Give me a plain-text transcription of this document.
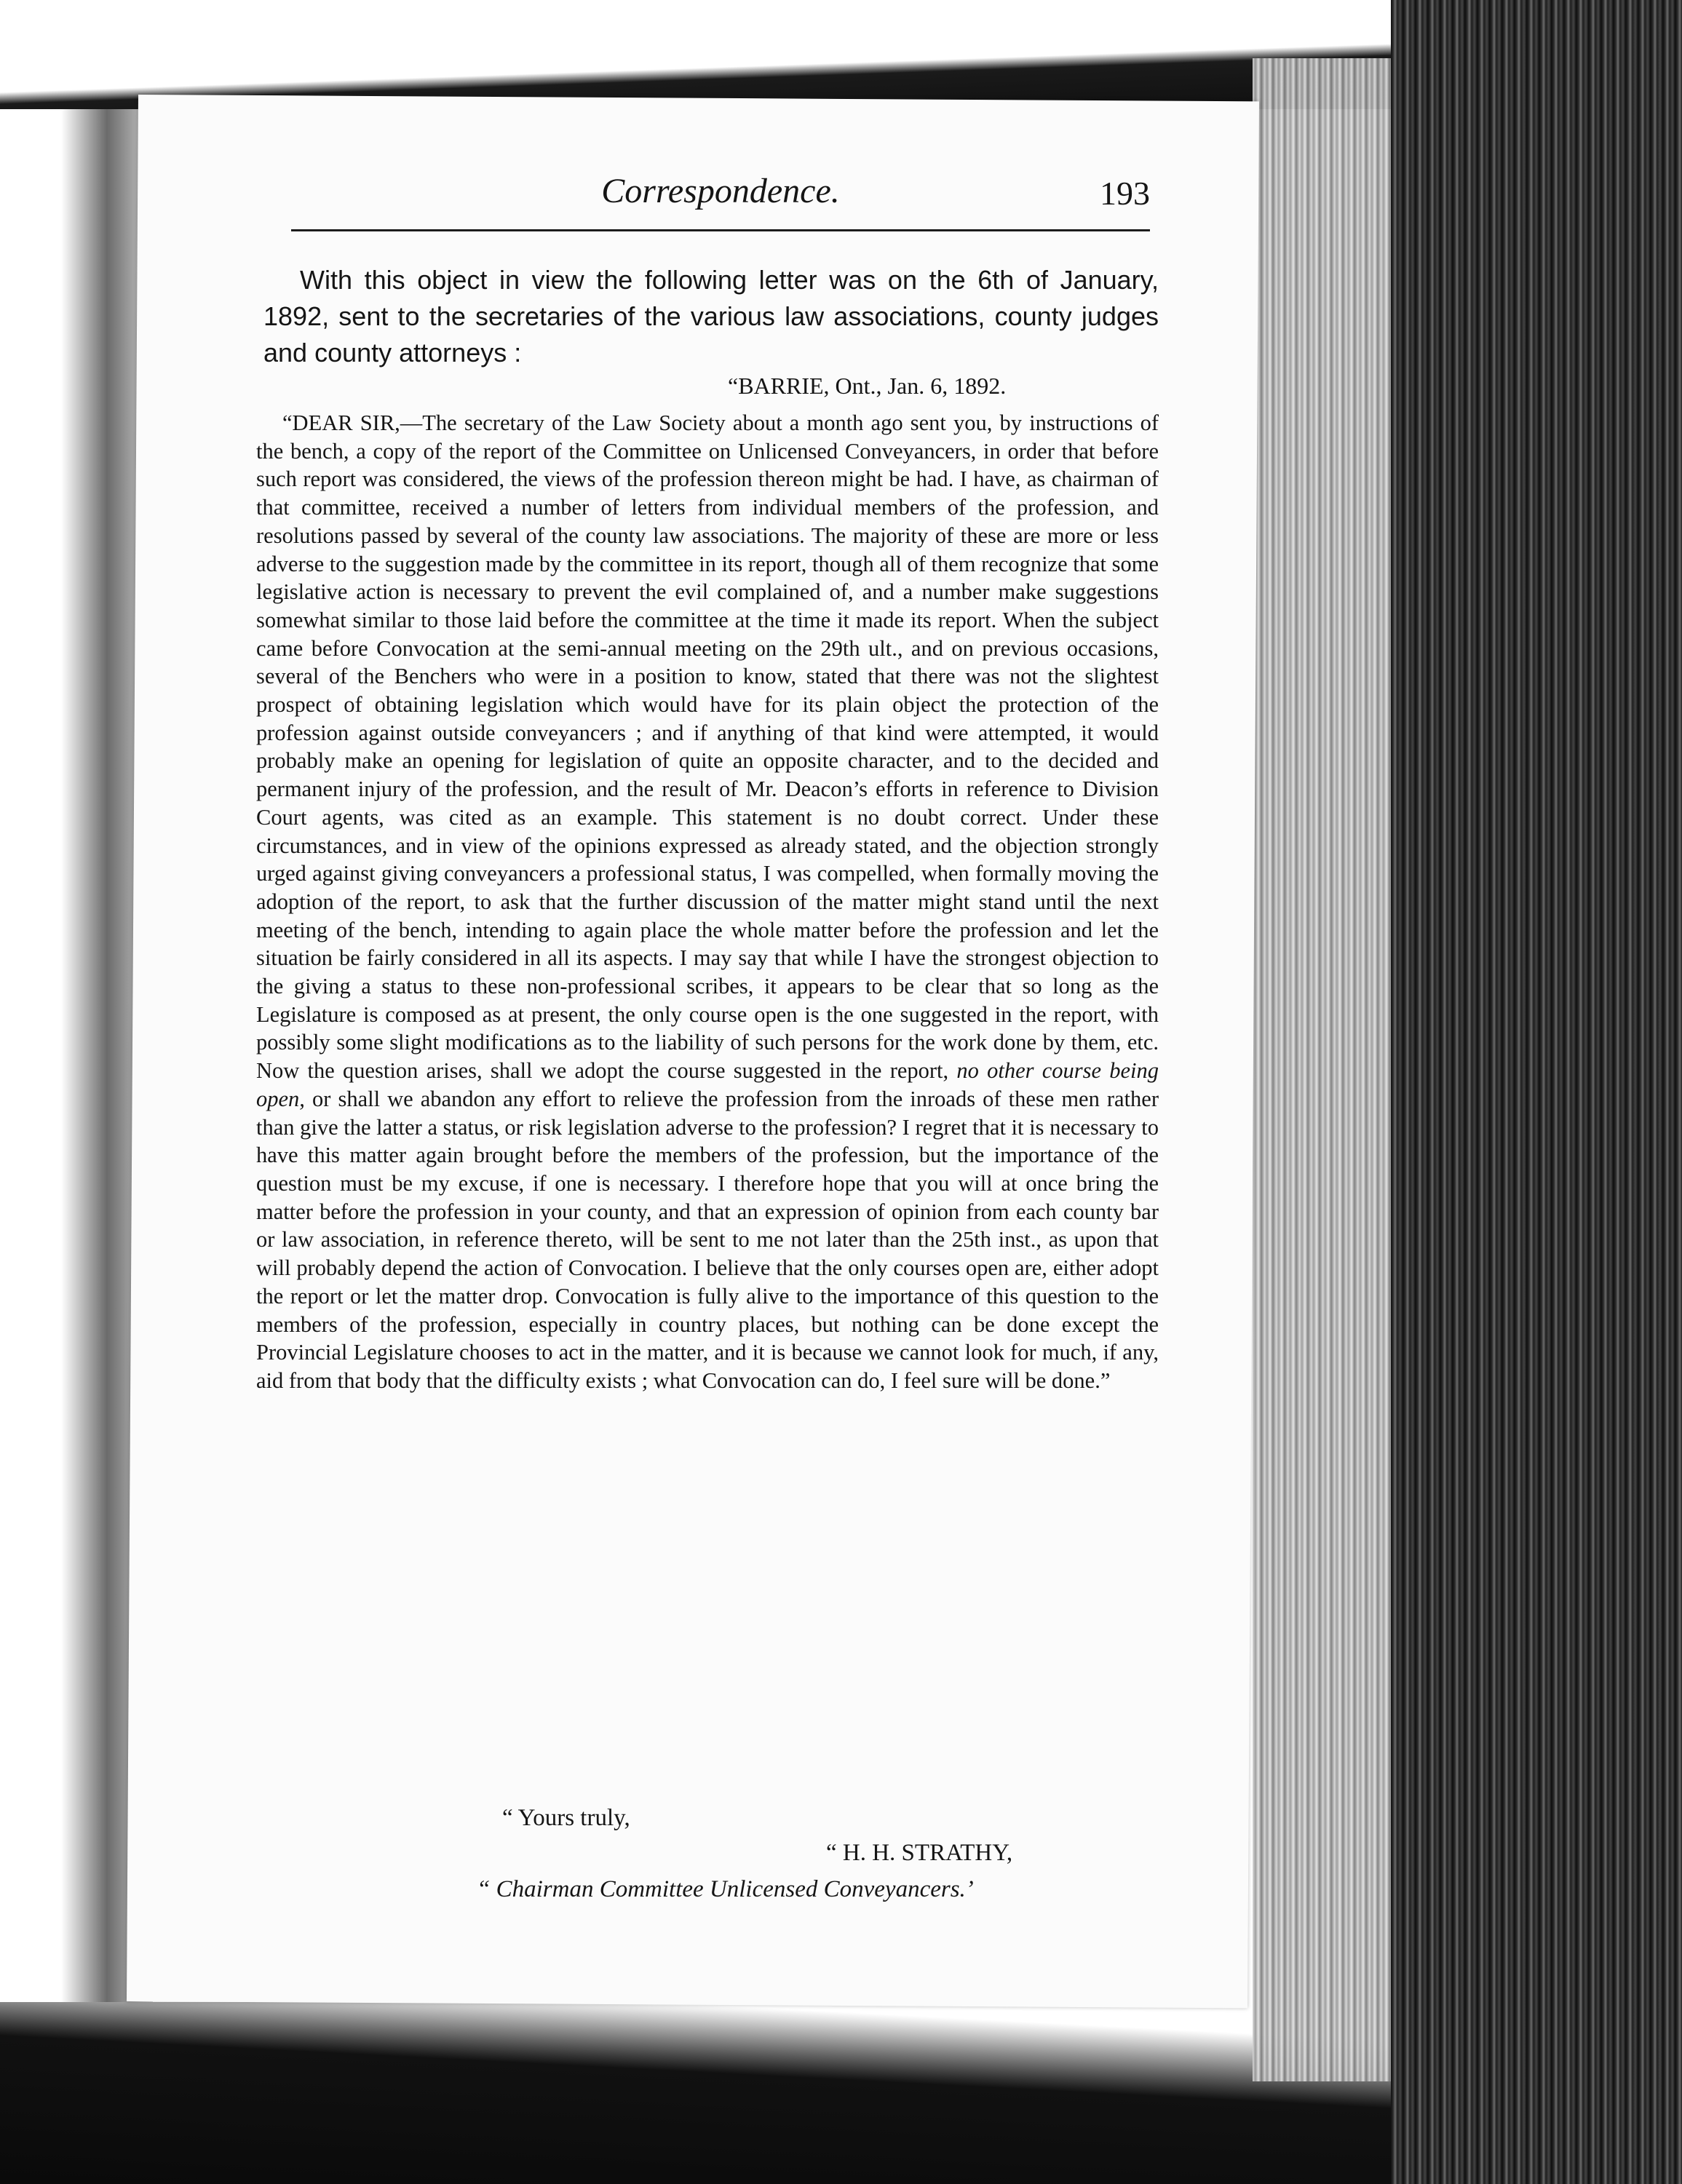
Correspondence.	193

With this object in view the following letter was on the 6th of January, 1892, sent to the secretaries of the various law associations, county judges and county attorneys :

“BARRIE, Ont., Jan. 6, 1892.

“DEAR SIR,—The secretary of the Law Society about a month ago sent you, by instructions of the bench, a copy of the report of the Committee on Unlicensed Conveyancers, in order that before such report was considered, the views of the profession thereon might be had. I have, as chairman of that committee, received a number of letters from individual members of the profession, and resolutions passed by several of the county law associations. The majority of these are more or less adverse to the suggestion made by the committee in its report, though all of them recognize that some legislative action is necessary to prevent the evil complained of, and a number make suggestions somewhat similar to those laid before the committee at the time it made its report. When the subject came before Convocation at the semi-annual meeting on the 29th ult., and on previous occasions, several of the Benchers who were in a position to know, stated that there was not the slightest prospect of obtaining legislation which would have for its plain object the protection of the profession against outside conveyancers ; and if anything of that kind were attempted, it would probably make an opening for legislation of quite an opposite character, and to the decided and permanent injury of the profession, and the result of Mr. Deacon’s efforts in reference to Division Court agents, was cited as an example. This statement is no doubt correct. Under these circumstances, and in view of the opinions expressed as already stated, and the objection strongly urged against giving conveyancers a professional status, I was compelled, when formally moving the adoption of the report, to ask that the further discussion of the matter might stand until the next meeting of the bench, intending to again place the whole matter before the profession and let the situation be fairly considered in all its aspects. I may say that while I have the strongest objection to the giving a status to these non-professional scribes, it appears to be clear that so long as the Legislature is composed as at present, the only course open is the one suggested in the report, with possibly some slight modifications as to the liability of such persons for the work done by them, etc. Now the question arises, shall we adopt the course suggested in the report, no other course being open, or shall we abandon any effort to relieve the profession from the inroads of these men rather than give the latter a status, or risk legislation adverse to the profession? I regret that it is necessary to have this matter again brought before the members of the profession, but the importance of the question must be my excuse, if one is necessary. I therefore hope that you will at once bring the matter before the profession in your county, and that an expression of opinion from each county bar or law association, in reference thereto, will be sent to me not later than the 25th inst., as upon that will probably depend the action of Convocation. I believe that the only courses open are, either adopt the report or let the matter drop. Convocation is fully alive to the importance of this question to the members of the profession, especially in country places, but nothing can be done except the Provincial Legislature chooses to act in the matter, and it is because we cannot look for much, if any, aid from that body that the difficulty exists ; what Convocation can do, I feel sure will be done.”

“ Yours truly,

“ H. H. STRATHY,

“ Chairman Committee Unlicensed Conveyancers.’
